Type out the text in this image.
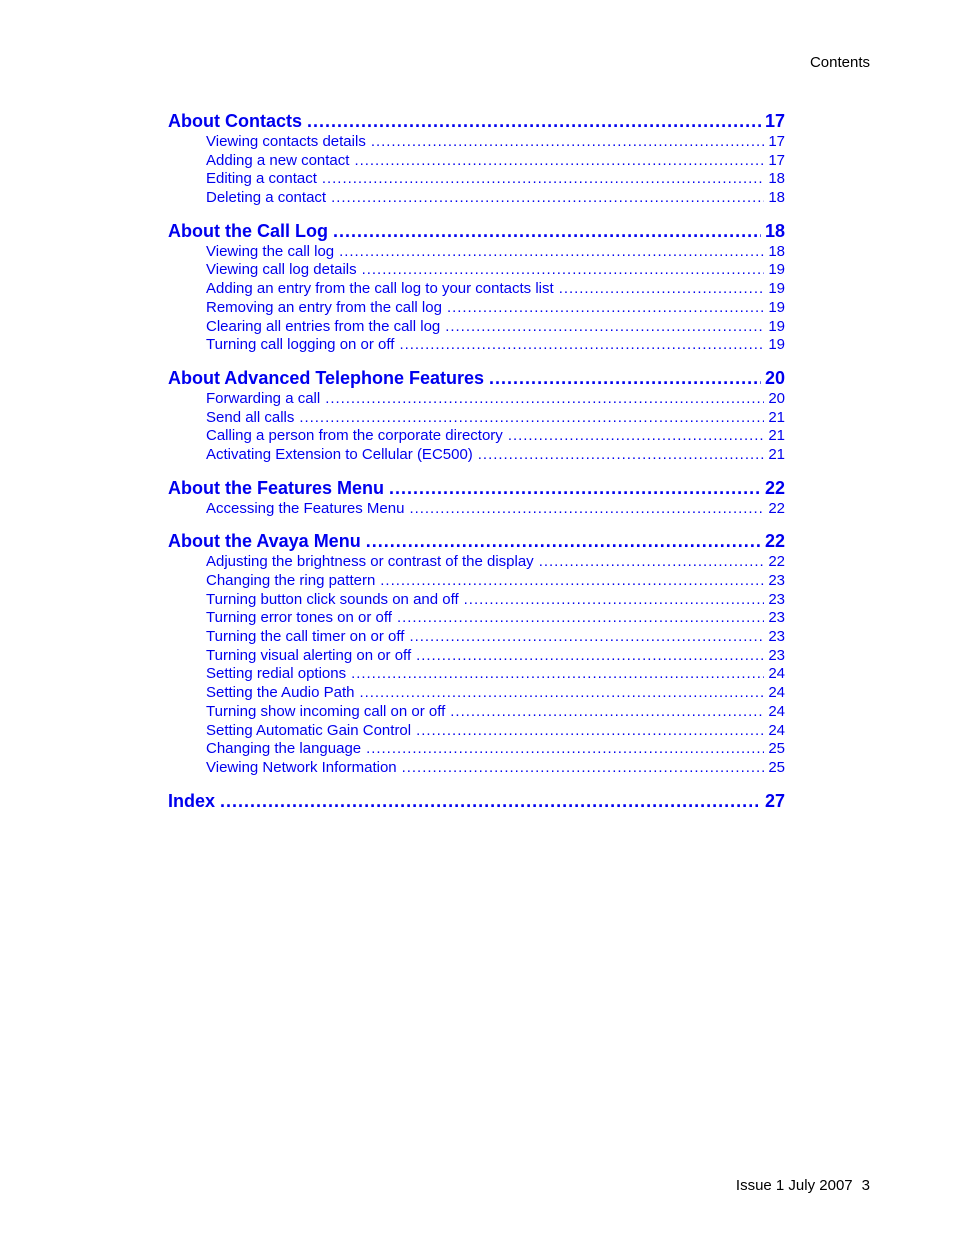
Contents
About Contacts . . .	17
Viewing contacts details . . .	17
Adding a new contact . . .	17
Editing a contact . . .	18
Deleting a contact . . .	18
About the Call Log . . .	18
Viewing the call log . . .	18
Viewing call log details . . .	19
Adding an entry from the call log to your contacts list . . .	19
Removing an entry from the call log . . .	19
Clearing all entries from the call log . . .	19
Turning call logging on or off . . .	19
About Advanced Telephone Features . . .	20
Forwarding a call . . .	20
Send all calls . . .	21
Calling a person from the corporate directory . . .	21
Activating Extension to Cellular (EC500) . . .	21
About the Features Menu . . .	22
Accessing the Features Menu . . .	22
About the Avaya Menu . . .	22
Adjusting the brightness or contrast of the display . . .	22
Changing the ring pattern . . .	23
Turning button click sounds on and off . . .	23
Turning error tones on or off . . .	23
Turning the call timer on or off . . .	23
Turning visual alerting on or off . . .	23
Setting redial options . . .	24
Setting the Audio Path . . .	24
Turning show incoming call on or off . . .	24
Setting Automatic Gain Control . . .	24
Changing the language . . .	25
Viewing Network Information . . .	25
Index . . .	27
Issue 1 July 2007 3
